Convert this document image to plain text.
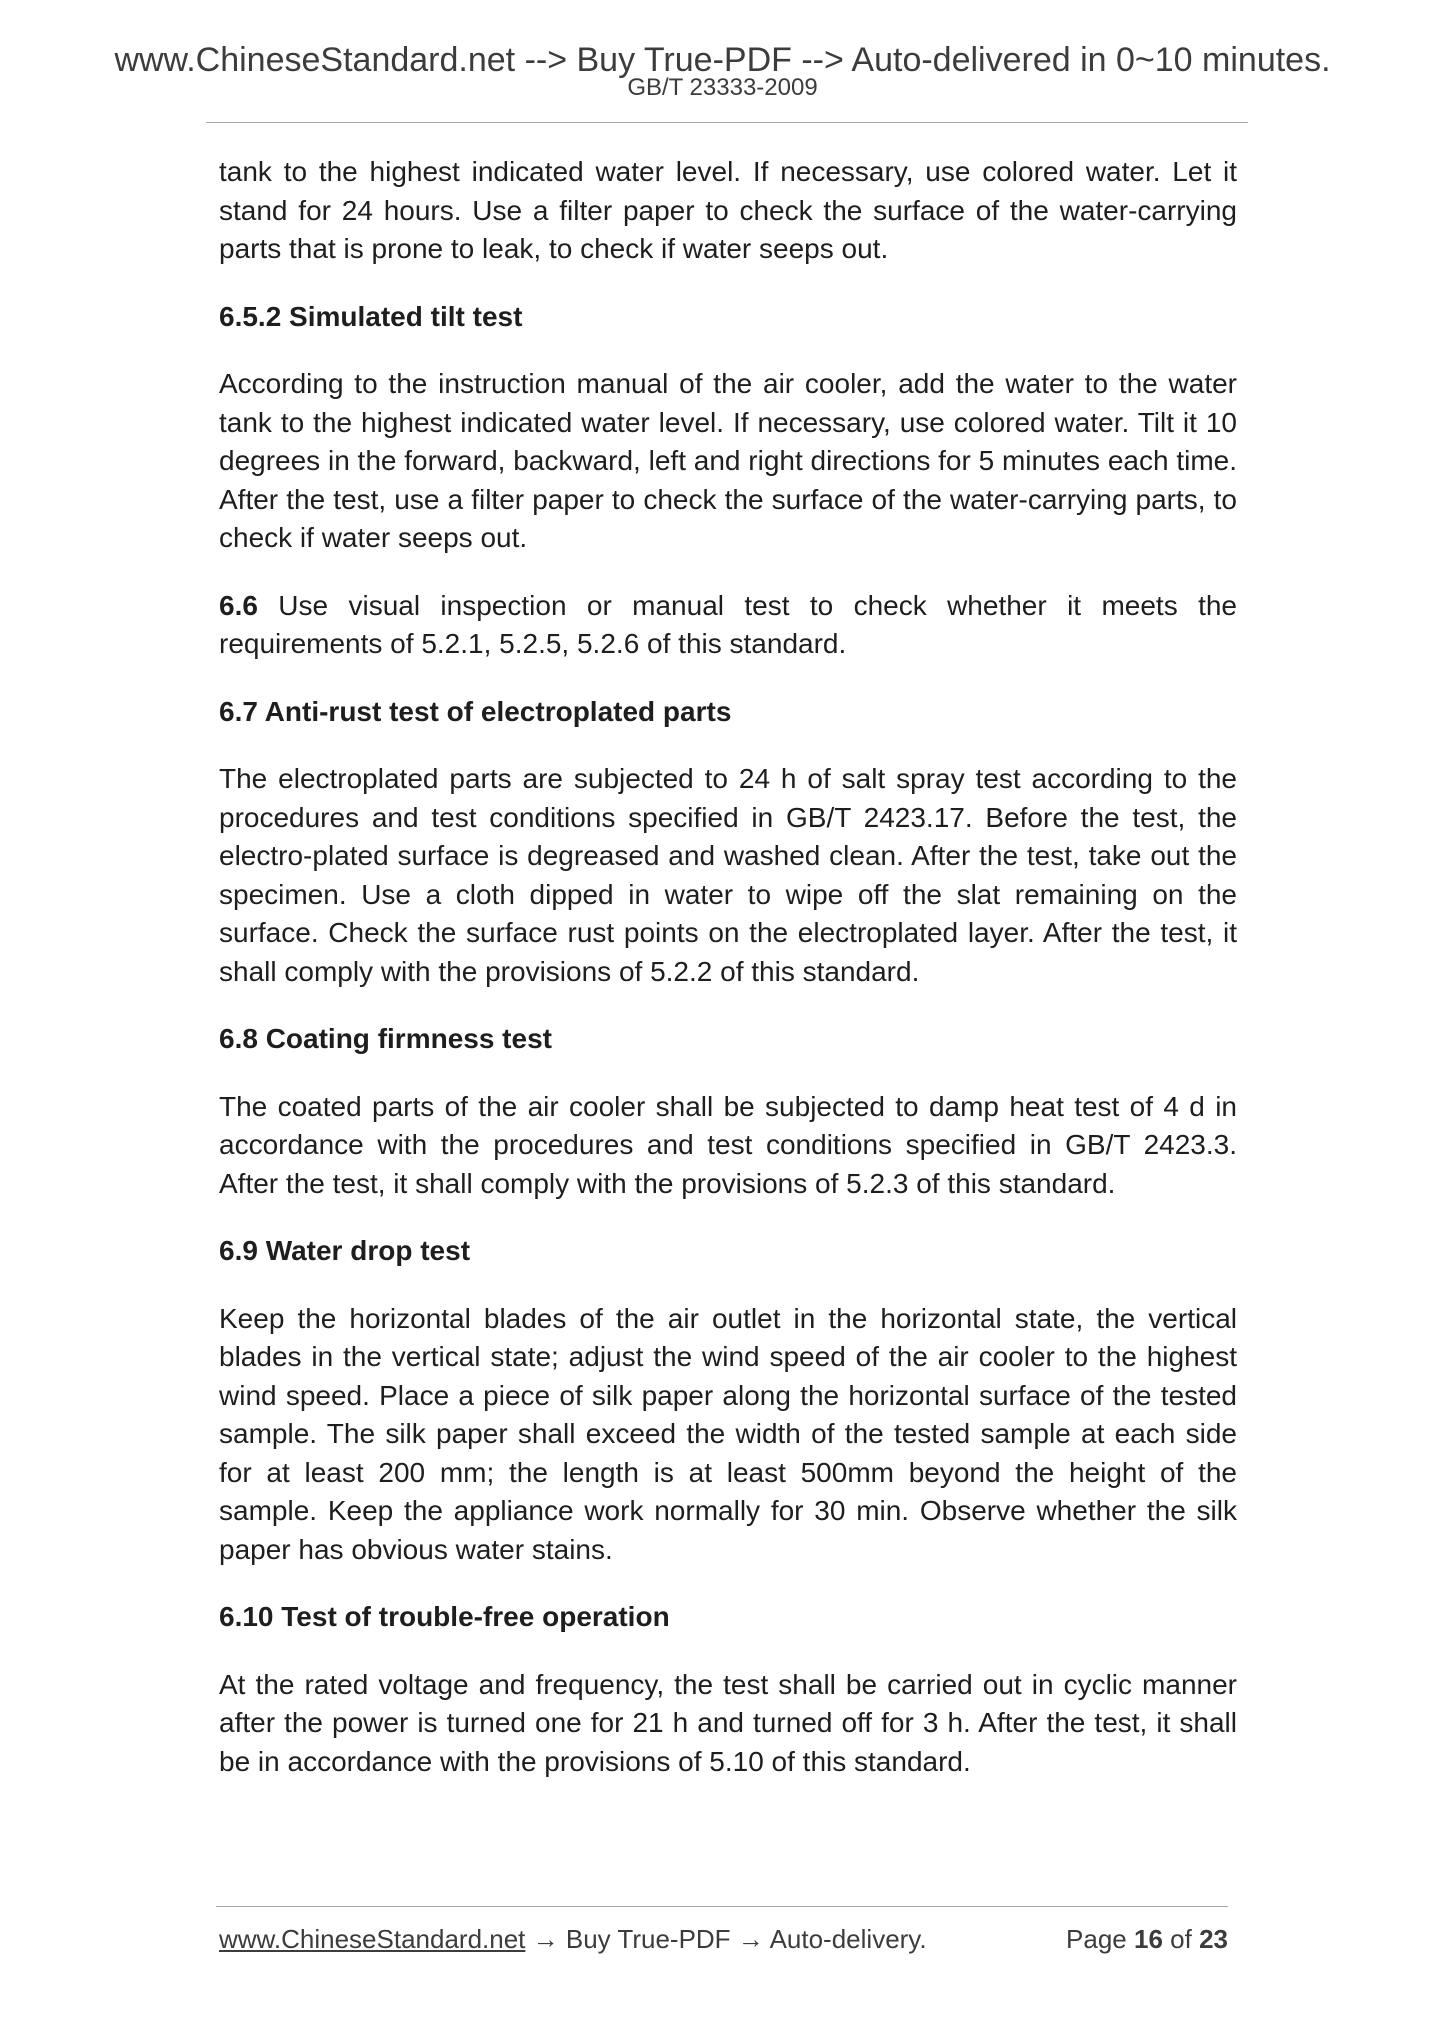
www.ChineseStandard.net --> Buy True-PDF --> Auto-delivered in 0~10 minutes.
GB/T 23333-2009

tank to the highest indicated water level. If necessary, use colored water. Let it stand for 24 hours. Use a filter paper to check the surface of the water-carrying parts that is prone to leak, to check if water seeps out.

6.5.2 Simulated tilt test

According to the instruction manual of the air cooler, add the water to the water tank to the highest indicated water level. If necessary, use colored water. Tilt it 10 degrees in the forward, backward, left and right directions for 5 minutes each time. After the test, use a filter paper to check the surface of the water-carrying parts, to check if water seeps out.

6.6 Use visual inspection or manual test to check whether it meets the requirements of 5.2.1, 5.2.5, 5.2.6 of this standard.

6.7 Anti-rust test of electroplated parts

The electroplated parts are subjected to 24 h of salt spray test according to the procedures and test conditions specified in GB/T 2423.17. Before the test, the electro-plated surface is degreased and washed clean. After the test, take out the specimen. Use a cloth dipped in water to wipe off the slat remaining on the surface. Check the surface rust points on the electroplated layer. After the test, it shall comply with the provisions of 5.2.2 of this standard.

6.8 Coating firmness test

The coated parts of the air cooler shall be subjected to damp heat test of 4 d in accordance with the procedures and test conditions specified in GB/T 2423.3. After the test, it shall comply with the provisions of 5.2.3 of this standard.

6.9 Water drop test

Keep the horizontal blades of the air outlet in the horizontal state, the vertical blades in the vertical state; adjust the wind speed of the air cooler to the highest wind speed. Place a piece of silk paper along the horizontal surface of the tested sample. The silk paper shall exceed the width of the tested sample at each side for at least 200 mm; the length is at least 500mm beyond the height of the sample. Keep the appliance work normally for 30 min. Observe whether the silk paper has obvious water stains.

6.10 Test of trouble-free operation

At the rated voltage and frequency, the test shall be carried out in cyclic manner after the power is turned one for 21 h and turned off for 3 h. After the test, it shall be in accordance with the provisions of 5.10 of this standard.

www.ChineseStandard.net → Buy True-PDF → Auto-delivery.	Page 16 of 23
